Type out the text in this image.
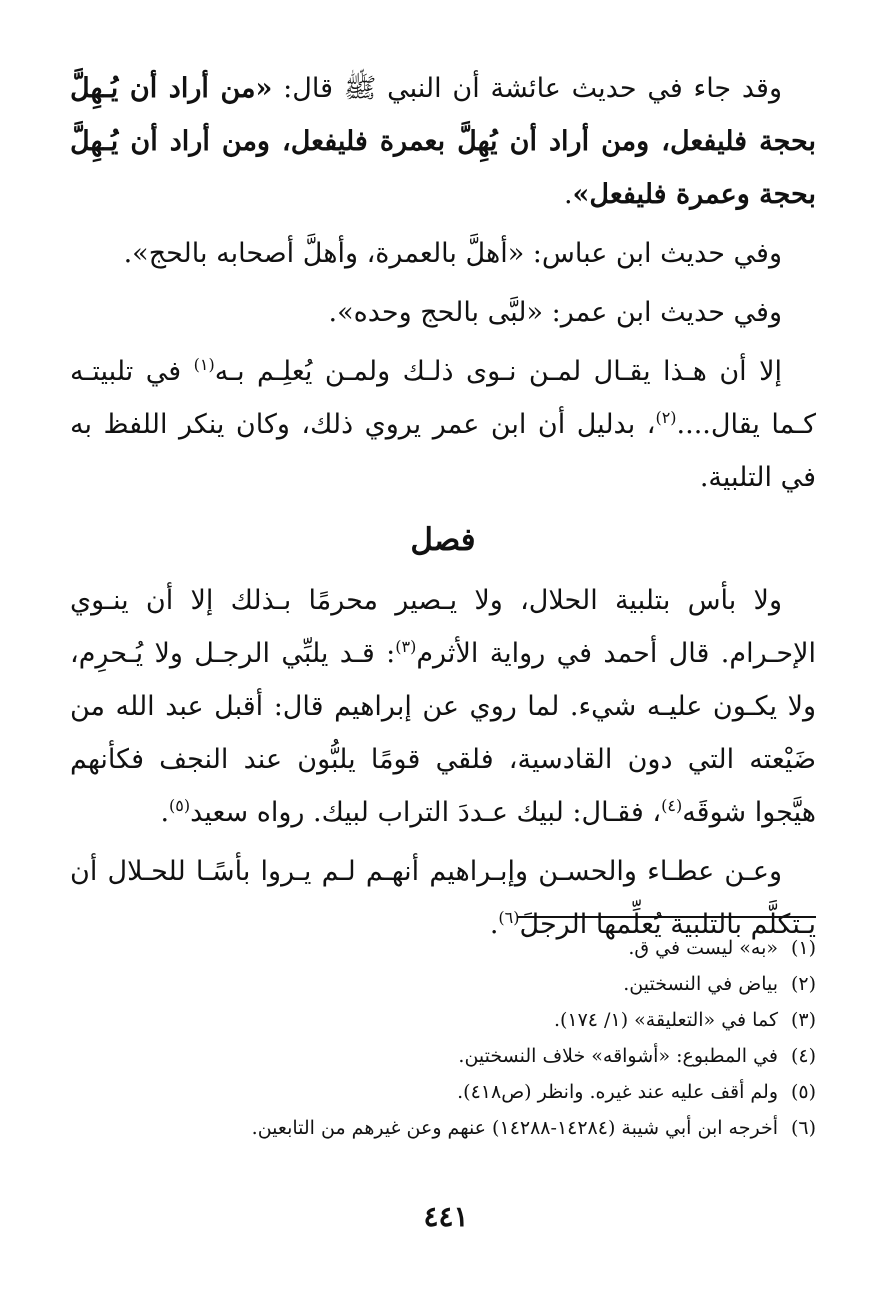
وقد جاء في حديث عائشة أن النبي ﷺ قال: «من أراد أن يُـهِلَّ بحجة فليفعل، ومن أراد أن يُهِلَّ بعمرة فليفعل، ومن أراد أن يُـهِلَّ بحجة وعمرة فليفعل».

وفي حديث ابن عباس: «أهلَّ بالعمرة، وأهلَّ أصحابه بالحج».

وفي حديث ابن عمر: «لبَّى بالحج وحده».

إلا أن هـذا يقـال لمـن نـوى ذلـك ولمـن يُعلِـم بـه$^{(١)}$ في تلبيتـه كـما يقال....$^{(٢)}$، بدليل أن ابن عمر يروي ذلك، وكان ينكر اللفظ به في التلبية.

فصل

ولا بأس بتلبية الحلال، ولا يـصير محرمًا بـذلك إلا أن ينـوي الإحـرام. قال أحمد في رواية الأثرم$^{(٣)}$: قـد يلبِّي الرجـل ولا يُـحرِم، ولا يكـون عليـه شيء. لما روي عن إبراهيم قال: أقبل عبد الله من ضَيْعته التي دون القادسية، فلقي قومًا يلبُّون عند النجف فكأنهم هيَّجوا شوقَه$^{(٤)}$، فقـال: لبيك عـددَ التراب لبيك. رواه سعيد$^{(٥)}$.

وعـن عطـاء والحسـن وإبـراهيم أنهـم لـم يـروا بأسًـا للحـلال أن يـتكلَّم بالتلبية يُعلِّمها الرجلَ$^{(٦)}$.

(١)
«به» ليست في ق.
(٢)
بياض في النسختين.
(٣)
كما في «التعليقة» (١/ ١٧٤).
(٤)
في المطبوع: «أشواقه» خلاف النسختين.
(٥)
ولم أقف عليه عند غيره. وانظر (ص٤١٨).
(٦)
أخرجه ابن أبي شيبة (١٤٢٨٤-١٤٢٨٨) عنهم وعن غيرهم من التابعين.
٤٤١
